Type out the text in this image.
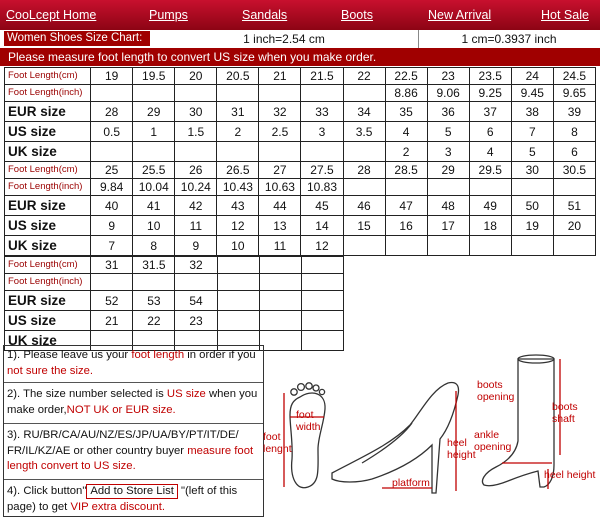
CooLcept Home	Pumps	Sandals	Boots	New Arrival	Hot Sale
Women Shoes Size Chart:	1 inch=2.54 cm	1 cm=0.3937 inch
Please measure foot length to convert US size when you make order.
Foot Length(cm)	19	19.5	20	20.5	21	21.5	22	22.5	23	23.5	24	24.5
Foot Length(inch)								8.86	9.06	9.25	9.45	9.65
EUR size	28	29	30	31	32	33	34	35	36	37	38	39
US size	0.5	1	1.5	2	2.5	3	3.5	4	5	6	7	8
UK size								2	3	4	5	6
Foot Length(cm)	25	25.5	26	26.5	27	27.5	28	28.5	29	29.5	30	30.5
Foot Length(inch)	9.84	10.04	10.24	10.43	10.63	10.83						
EUR size	40	41	42	43	44	45	46	47	48	49	50	51
US size	9	10	11	12	13	14	15	16	17	18	19	20
UK size	7	8	9	10	11	12						
Foot Length(cm)	31	31.5	32			
Foot Length(inch)						
EUR size	52	53	54			
US size	21	22	23			
UK size						
1). Please leave us your foot length in order if you not sure the size.
2). The size number selected is US size when you make order,NOT UK or EUR size.
3). RU/BR/CA/AU/NZ/ES/JP/UA/BY/PT/IT/DE/ FR/IL/KZ/AE or other country buyer measure foot length convert to US size.
4). Click button" Add to Store List "(left of this page) to get VIP extra discount.
foot
width
foot
lenght	heel
height
platform
boots
opening
boots
shaft
ankle
opening
heel height
